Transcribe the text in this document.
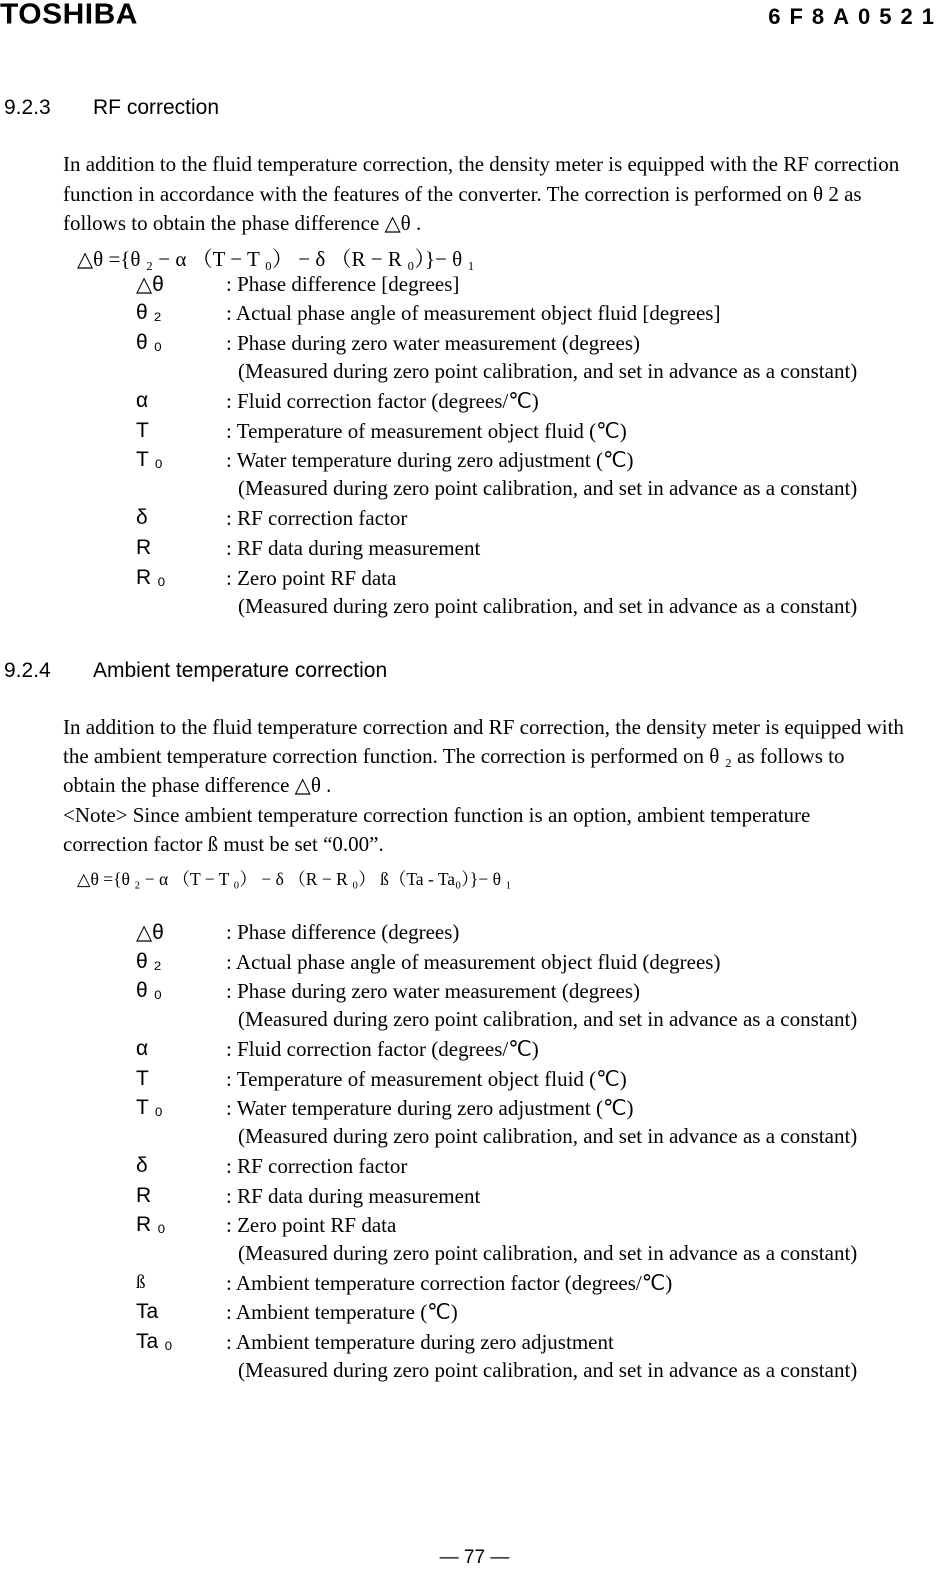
TOSHIBA	6F8A0521
9.2.3 RF correction
In addition to the fluid temperature correction, the density meter is equipped with the RF correction
function in accordance with the features of the converter. The correction is performed on θ 2 as
follows to obtain the phase difference △θ .
△θ ={θ ₂ − α （T − T ₀） − δ （R − R ₀）}− θ ₁
△θ	: Phase difference [degrees]
θ ₂	: Actual phase angle of measurement object fluid [degrees]
θ ₀	: Phase during zero water measurement (degrees)
(Measured during zero point calibration, and set in advance as a constant)
α	: Fluid correction factor (degrees/℃)
T	: Temperature of measurement object fluid (℃)
T ₀	: Water temperature during zero adjustment (℃)
(Measured during zero point calibration, and set in advance as a constant)
δ	: RF correction factor
R	: RF data during measurement
R ₀	: Zero point RF data
(Measured during zero point calibration, and set in advance as a constant)
9.2.4 Ambient temperature correction
In addition to the fluid temperature correction and RF correction, the density meter is equipped with
the ambient temperature correction function. The correction is performed on θ ₂ as follows to
obtain the phase difference △θ .
<Note> Since ambient temperature correction function is an option, ambient temperature
correction factor ß must be set “0.00”.
△θ ={θ ₂ − α （T − T ₀） − δ （R − R ₀） ß（Ta - Ta₀）}− θ ₁
△θ	: Phase difference (degrees)
θ ₂	: Actual phase angle of measurement object fluid (degrees)
θ ₀	: Phase during zero water measurement (degrees)
(Measured during zero point calibration, and set in advance as a constant)
α	: Fluid correction factor (degrees/℃)
T	: Temperature of measurement object fluid (℃)
T ₀	: Water temperature during zero adjustment (℃)
(Measured during zero point calibration, and set in advance as a constant)
δ	: RF correction factor
R	: RF data during measurement
R ₀	: Zero point RF data
(Measured during zero point calibration, and set in advance as a constant)
ß	: Ambient temperature correction factor (degrees/℃)
Ta	: Ambient temperature (℃)
Ta ₀	: Ambient temperature during zero adjustment
(Measured during zero point calibration, and set in advance as a constant)
— 77 —
